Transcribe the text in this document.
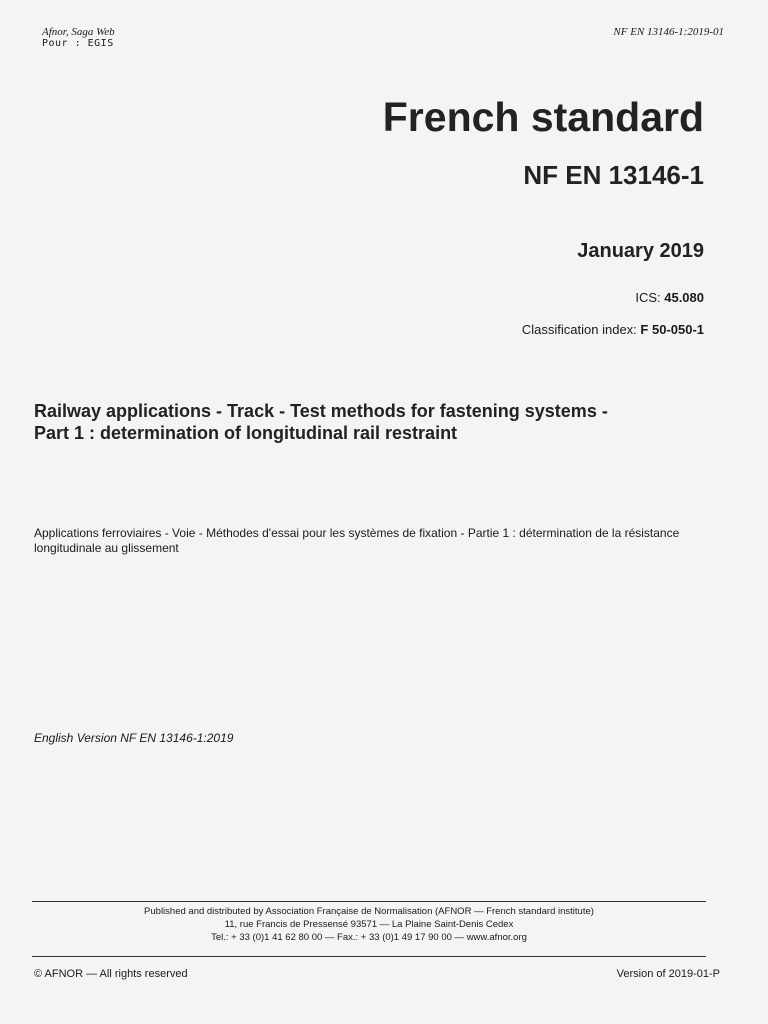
Afnor, Saga Web
Pour : EGIS
NF EN 13146-1:2019-01
French standard
NF EN 13146-1
January 2019
ICS: 45.080
Classification index: F 50-050-1
Railway applications - Track - Test methods for fastening systems -
Part 1 : determination of longitudinal rail restraint
Applications ferroviaires - Voie - Méthodes d'essai pour les systèmes de fixation - Partie 1 : détermination de la résistance longitudinale au glissement
English Version NF EN 13146-1:2019
Published and distributed by Association Française de Normalisation (AFNOR — French standard institute)
11, rue Francis de Pressensé 93571 — La Plaine Saint-Denis Cedex
Tel.: + 33 (0)1 41 62 80 00 — Fax.: + 33 (0)1 49 17 90 00 — www.afnor.org
© AFNOR — All rights reserved	Version of 2019-01-P
